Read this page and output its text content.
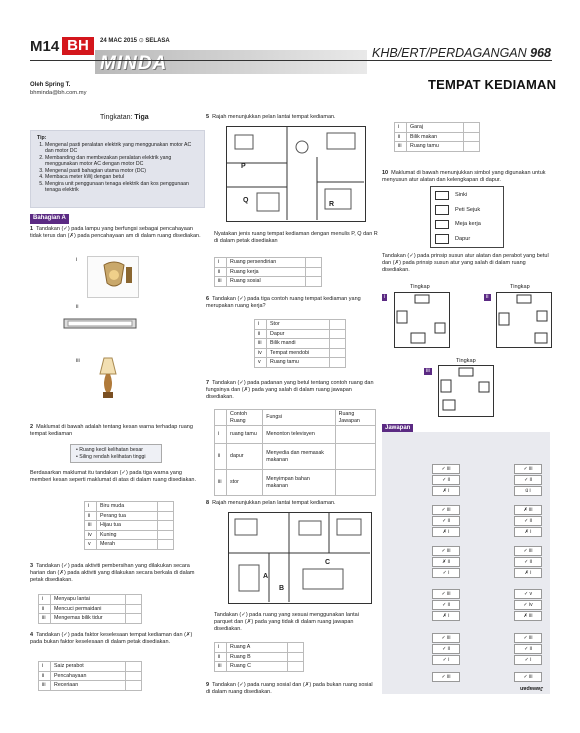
M14 BH	24 MAC 2015 ⊙ SELASA
MINDA	KHB/ERT/PERDAGANGAN 968
Oleh Spring T.
bhminda@bh.com.my
TEMPAT KEDIAMAN
Tingkatan: Tiga
Tip:
1. Mengenal pasti peralatan elektrik yang menggunakan motor AC dan motor DC
2. Membanding dan membezakan peralatan elektrik yang menggunakan motor AC dengan motor DC
3. Mengenal pasti bahagian utama motor (DC)
4. Membaca meter kWj dengan betul
5. Mengira unit penggunaan tenaga elektrik dan kos penggunaan tenaga elektrik
Bahagian A
1 Tandakan (✓) pada lampu yang berfungsi sebagai pencahayaan tidak terus dan (✗) pada pencahayaan am di dalam ruang disediakan.
i
ii
iii
2 Maklumat di bawah adalah tentang kesan warna terhadap ruang tempat kediaman
• Ruang kecil kelihatan besar
• Siling rendah kelihatan tinggi
Berdasarkan maklumat itu tandakan (✓) pada tiga warna yang memberi kesan seperti maklumat di atas di dalam ruang disediakan.
i	Biru muda	
ii	Perang tua	
iii	Hijau tua	
iv	Kuning	
v	Merah	
3 Tandakan (✓) pada aktiviti pembersihan yang dilakukan secara harian dan (✗) pada aktiviti yang dilakukan secara berkala di dalam petak disediakan.
i	Menyapu lantai	
ii	Mencuci permaidani	
iii	Mengemas bilik tidur	
4 Tandakan (✓) pada faktor keselesaan tempat kediaman dan (✗) pada bukan faktor keselesaan di dalam petak disediakan.
i	Saiz perabot	
ii	Pencahayaan	
iii	Receriaan	
5 Rajah menunjukkan pelan lantai tempat kediaman.
P
Q
R
Nyatakan jenis ruang tempat kediaman dengan menulis P, Q dan R di dalam petak disediakan
i	Ruang persendirian	
ii	Ruang kerja	
iii	Ruang sosial	
6 Tandakan (✓) pada tiga contoh ruang tempat kediaman yang merupakan ruang kerja?
i	Stor	
ii	Dapur	
iii	Bilik mandi	
iv	Tempat mendobi	
v	Ruang tamu	
7 Tandakan (✓) pada padanan yang betul tentang contoh ruang dan fungsinya dan (✗) pada yang salah di dalam ruang jawapan disediakan.
	Contoh Ruang	Fungsi	Ruang Jawapan
i	ruang tamu	Menonton televisyen	
ii	dapur	Menyedia dan memasak makanan	
iii	stor	Menyimpan bahan makanan	
8 Rajah menunjukkan pelan lantai tempat kediaman.
A
B
C
Tandakan (✓) pada ruang yang sesuai menggunakan lantai parquet dan (✗) pada yang tidak di dalam ruang jawapan disediakan.
i	Ruang A	
ii	Ruang B	
iii	Ruang C	
9 Tandakan (✓) pada ruang sosial dan (✗) pada bukan ruang sosial di dalam ruang disediakan.
i	Garaj	
ii	Bilik makan	
iii	Ruang tamu	
10 Maklumat di bawah menunjukkan simbol yang digunakan untuk menyusun atur alatan dan kelengkapan di dapur.
Sinki
Peti Sejuk
Meja kerja
Dapur
Tandakan (✓) pada prinsip susun atur alatan dan perabot yang betul dan (✗) pada prinsip susun atur yang salah di dalam ruang disediakan.
i
Tingkap
ii
Tingkap
iii
Tingkap
Jawapan
✓ iii
✓ ii
✗ i
✓ iii
✓ ii
ü i
✓ iii
✓ ii
✗ i
✗ iii
✓ ii
✗ i
✓ iii
✗ ii
✓ i
✓ iii
✓ ii
✗ i
✓ iii
✓ ii
✗ i
✓ v
✓ iv
✗ iii
✓ iii
✓ ii
✓ i
✓ iii
✓ ii
✓ i
✓ iii	✓ iii
Jawapan
